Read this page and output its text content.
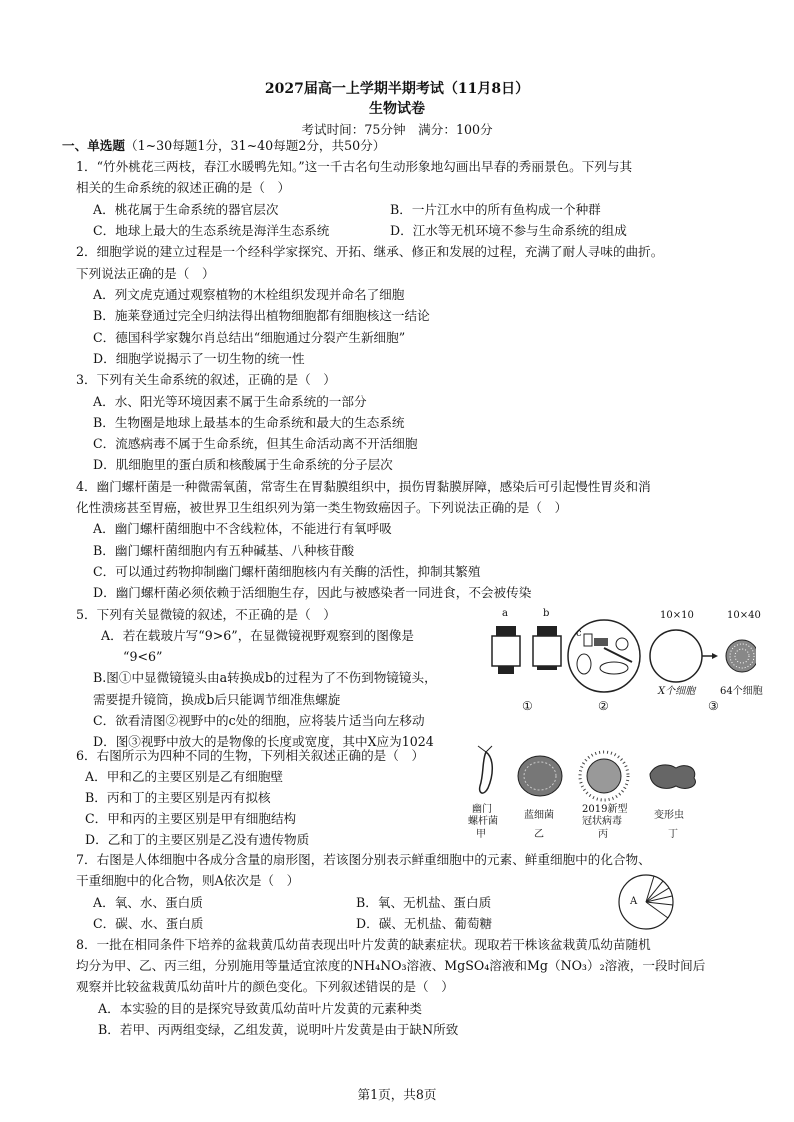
2027届高一上学期半期考试（11月8日）
生物试卷
考试时间：75分钟　满分：100分
一、单选题（1~30每题1分，31~40每题2分，共50分）
1．“竹外桃花三两枝，春江水暖鸭先知。”这一千古名句生动形象地勾画出早春的秀丽景色。下列与其
相关的生命系统的叙述正确的是（　）
A．桃花属于生命系统的器官层次	B．一片江水中的所有鱼构成一个种群
C．地球上最大的生态系统是海洋生态系统	D．江水等无机环境不参与生命系统的组成
2．细胞学说的建立过程是一个经科学家探究、开拓、继承、修正和发展的过程，充满了耐人寻味的曲折。
下列说法正确的是（　）
A．列文虎克通过观察植物的木栓组织发现并命名了细胞
B．施莱登通过完全归纳法得出植物细胞都有细胞核这一结论
C．德国科学家魏尔肖总结出“细胞通过分裂产生新细胞”
D．细胞学说揭示了一切生物的统一性
3．下列有关生命系统的叙述，正确的是（　）
A．水、阳光等环境因素不属于生命系统的一部分
B．生物圈是地球上最基本的生命系统和最大的生态系统
C．流感病毒不属于生命系统，但其生命活动离不开活细胞
D．肌细胞里的蛋白质和核酸属于生命系统的分子层次
4．幽门螺杆菌是一种微需氧菌，常寄生在胃黏膜组织中，损伤胃黏膜屏障，感染后可引起慢性胃炎和消
化性溃疡甚至胃癌，被世界卫生组织列为第一类生物致癌因子。下列说法正确的是（　）
A．幽门螺杆菌细胞中不含线粒体，不能进行有氧呼吸
B．幽门螺杆菌细胞内有五种碱基、八种核苷酸
C．可以通过药物抑制幽门螺杆菌细胞核内有关酶的活性，抑制其繁殖
D．幽门螺杆菌必须依赖于活细胞生存，因此与被感染者一同进食，不会被传染
5．下列有关显微镜的叙述，不正确的是（　）
A．若在载玻片写“9>6”，在显微镜视野观察到的图像是
“9<6”
B.图①中显微镜镜头由a转换成b的过程为了不伤到物镜镜头，
需要提升镜筒，换成b后只能调节细准焦螺旋
C．欲看清图②视野中的c处的细胞，应将装片适当向左移动
D．图③视野中放大的是物像的长度或宽度，其中X应为1024
a	b
c
10×10	10×40
X个细胞 64个细胞
①	②	③
6．右图所示为四种不同的生物，下列相关叙述正确的是（　）
A．甲和乙的主要区别是乙有细胞壁
B．丙和丁的主要区别是丙有拟核
C．甲和丙的主要区别是甲有细胞结构
D．乙和丁的主要区别是乙没有遗传物质
幽门
螺杆菌
甲
蓝细菌
乙
2019新型
冠状病毒
丙
变形虫
丁
7．右图是人体细胞中各成分含量的扇形图，若该图分别表示鲜重细胞中的元素、鲜重细胞中的化合物、
干重细胞中的化合物，则A依次是（　）
A．氧、水、蛋白质	B．氧、无机盐、蛋白质
C．碳、水、蛋白质	D．碳、无机盐、葡萄糖
A
8．一批在相同条件下培养的盆栽黄瓜幼苗表现出叶片发黄的缺素症状。现取若干株该盆栽黄瓜幼苗随机
均分为甲、乙、丙三组，分别施用等量适宜浓度的NH₄NO₃溶液、MgSO₄溶液和Mg（NO₃）₂溶液，一段时间后
观察并比较盆栽黄瓜幼苗叶片的颜色变化。下列叙述错误的是（　）
A．本实验的目的是探究导致黄瓜幼苗叶片发黄的元素种类
B．若甲、丙两组变绿，乙组发黄，说明叶片发黄是由于缺N所致
第1页，共8页
